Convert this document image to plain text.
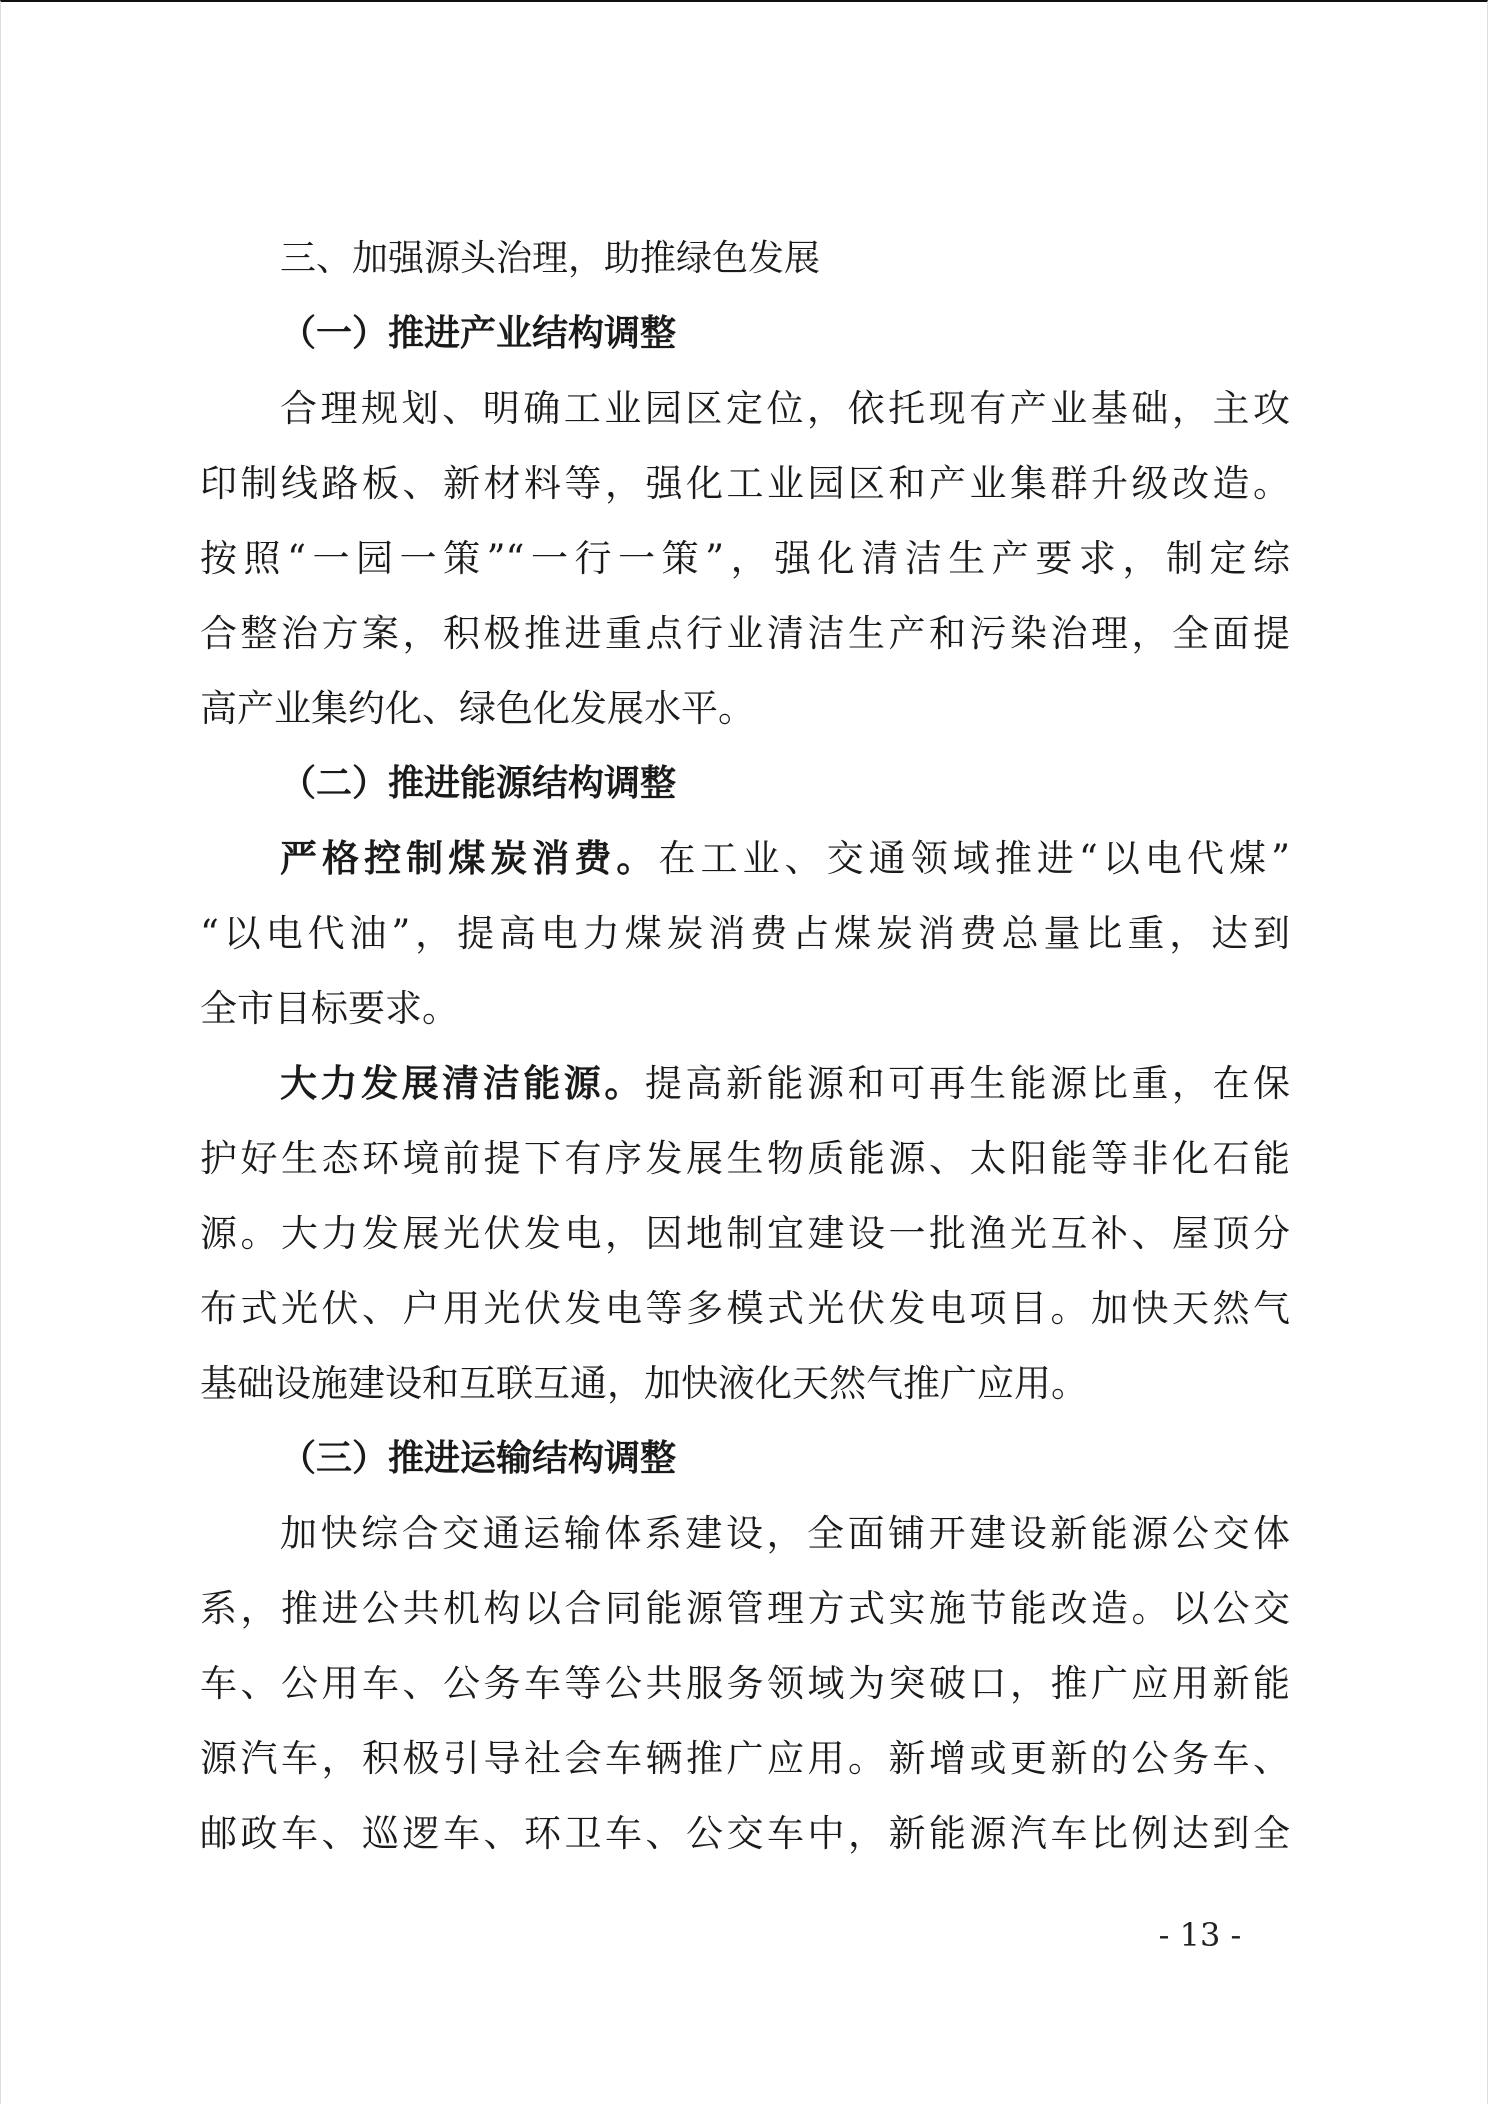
三、加强源头治理，助推绿色发展

（一）推进产业结构调整

合理规划、明确工业园区定位，依托现有产业基础，主攻

印制线路板、新材料等，强化工业园区和产业集群升级改造。

按照“一园一策”“一行一策”，强化清洁生产要求，制定综

合整治方案，积极推进重点行业清洁生产和污染治理，全面提

高产业集约化、绿色化发展水平。

（二）推进能源结构调整

严格控制煤炭消费。在工业、交通领域推进“以电代煤”

“以电代油”，提高电力煤炭消费占煤炭消费总量比重，达到

全市目标要求。

大力发展清洁能源。提高新能源和可再生能源比重，在保

护好生态环境前提下有序发展生物质能源、太阳能等非化石能

源。大力发展光伏发电，因地制宜建设一批渔光互补、屋顶分

布式光伏、户用光伏发电等多模式光伏发电项目。加快天然气

基础设施建设和互联互通，加快液化天然气推广应用。

（三）推进运输结构调整

加快综合交通运输体系建设，全面铺开建设新能源公交体

系，推进公共机构以合同能源管理方式实施节能改造。以公交

车、公用车、公务车等公共服务领域为突破口，推广应用新能

源汽车，积极引导社会车辆推广应用。新增或更新的公务车、

邮政车、巡逻车、环卫车、公交车中，新能源汽车比例达到全

- 13 -
